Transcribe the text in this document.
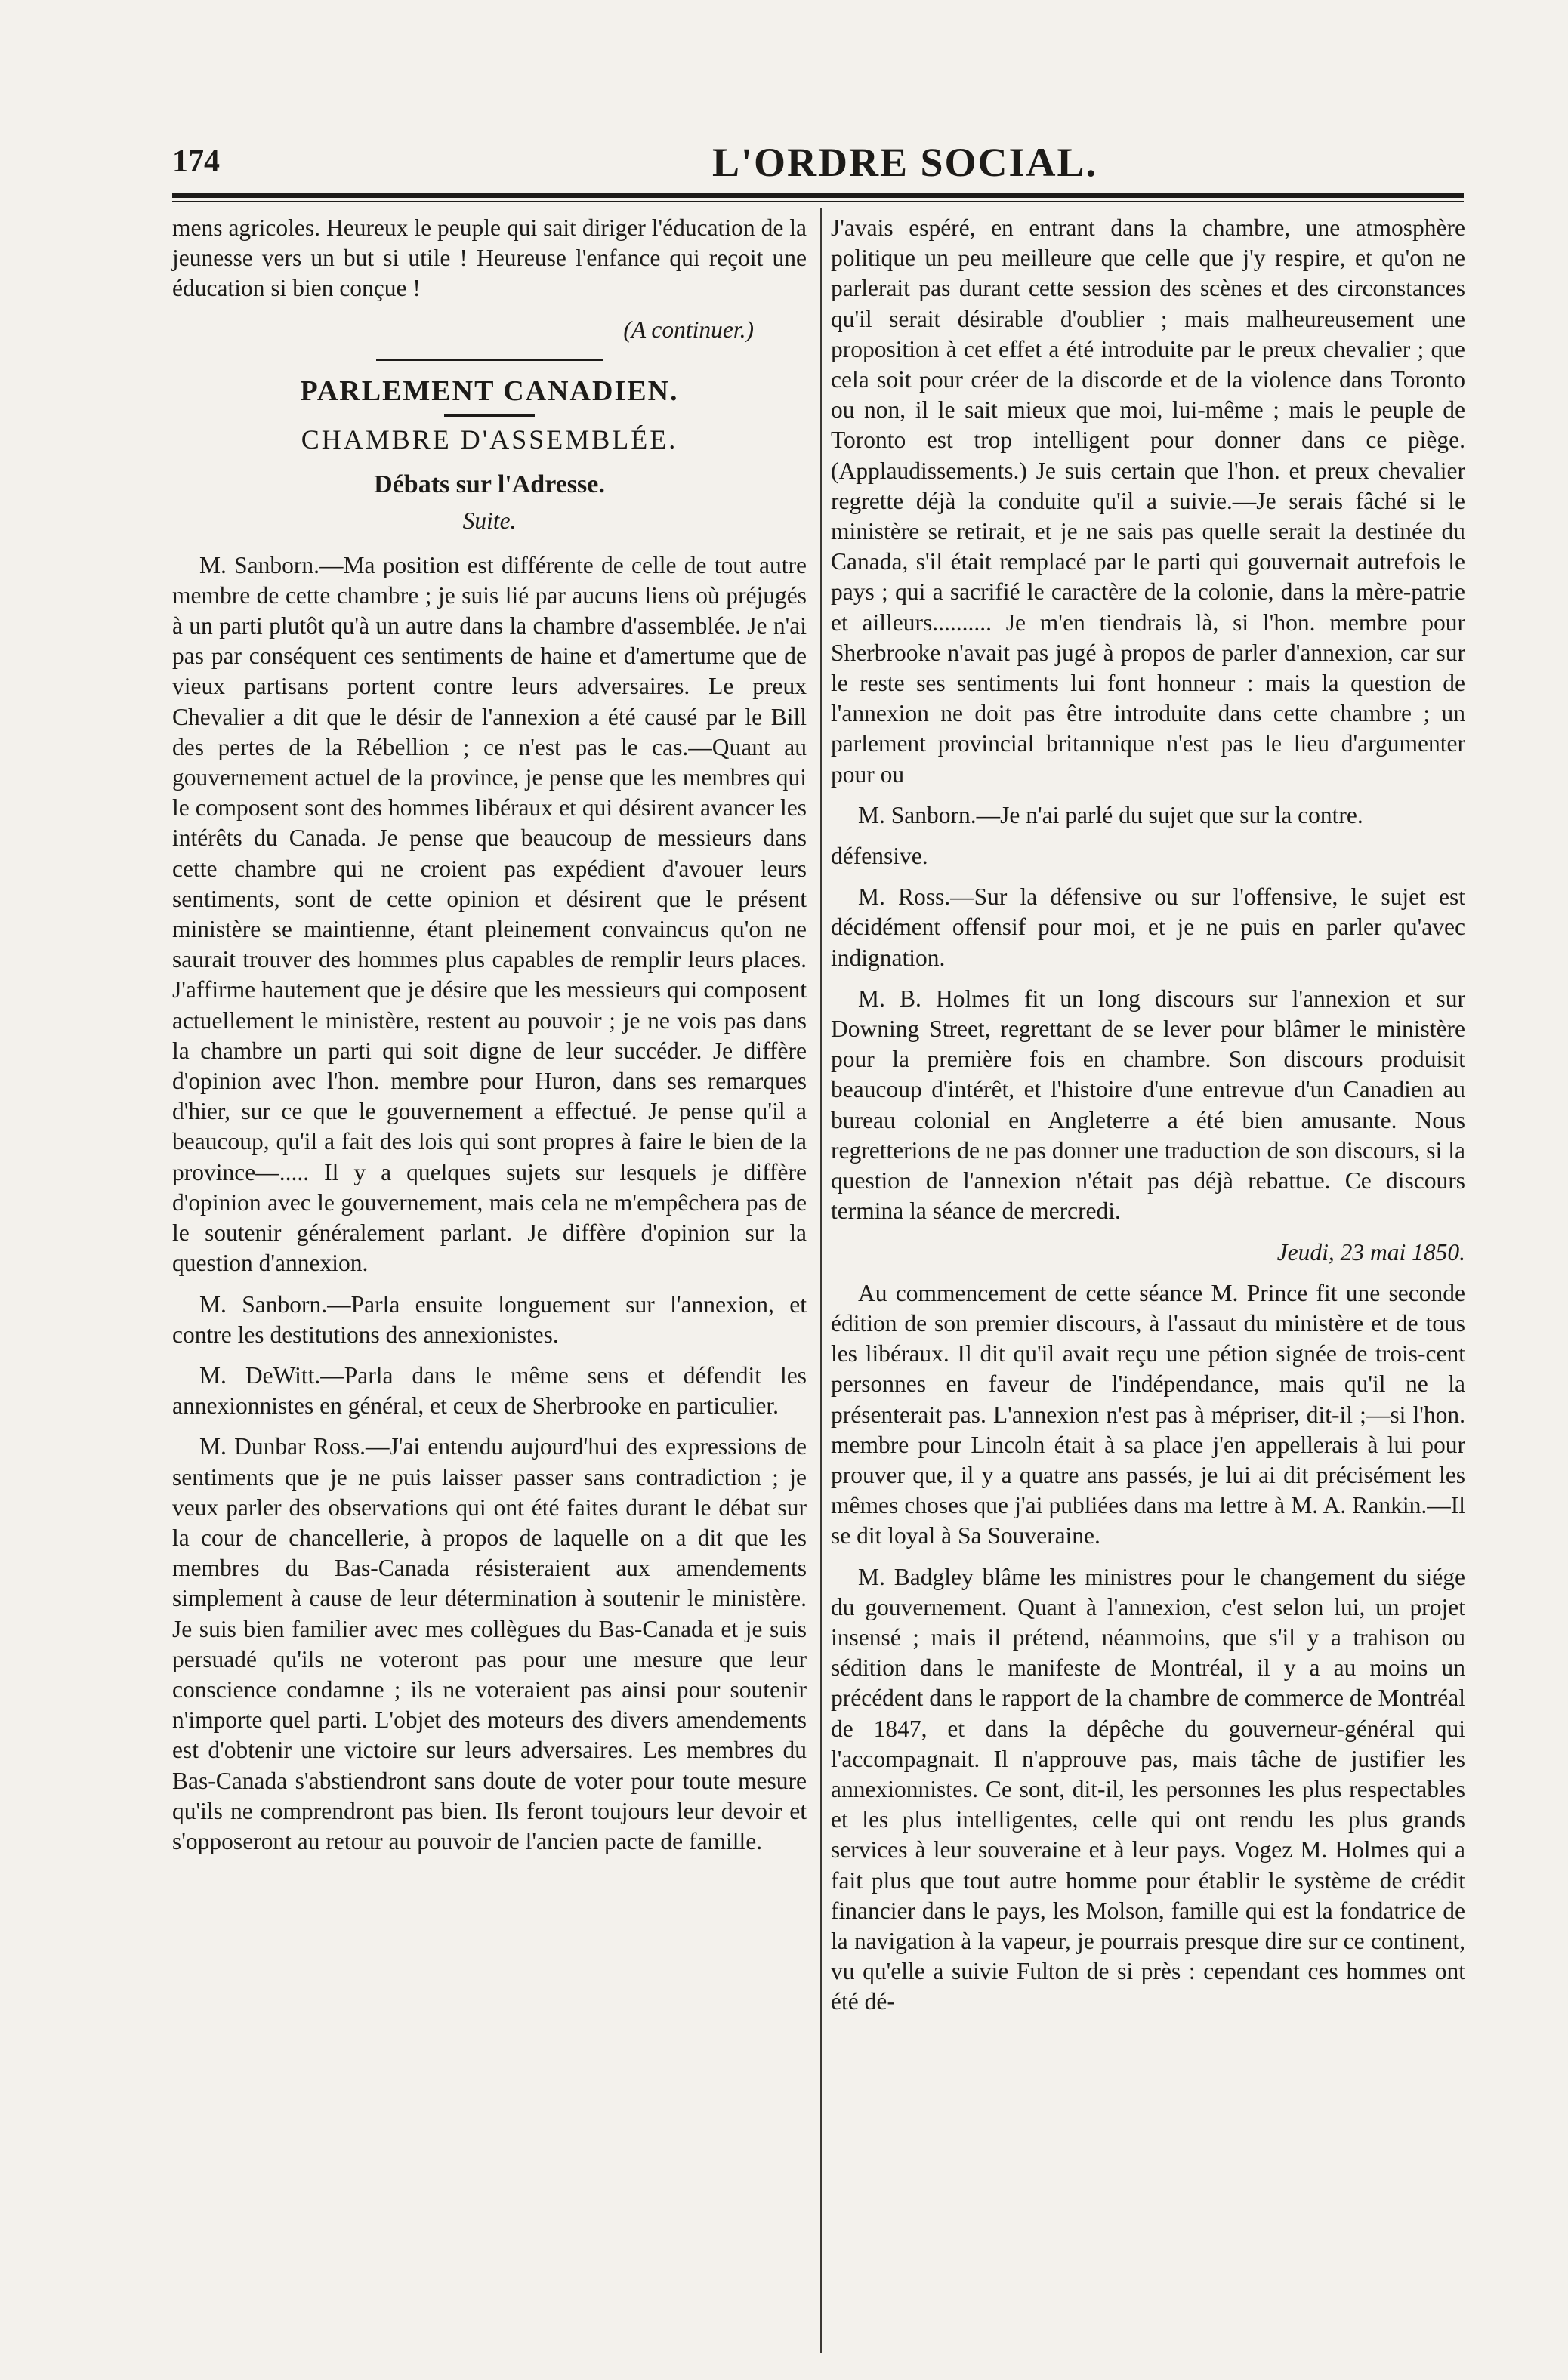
174	L'ORDRE SOCIAL.

mens agricoles. Heureux le peuple qui sait diriger l'éducation de la jeunesse vers un but si utile ! Heureuse l'enfance qui reçoit une éducation si bien conçue !

(A continuer.)

PARLEMENT CANADIEN.
CHAMBRE D'ASSEMBLÉE.
Débats sur l'Adresse.
Suite.

M. Sanborn.—Ma position est différente de celle de tout autre membre de cette chambre ; je suis lié par aucuns liens où préjugés à un parti plutôt qu'à un autre dans la chambre d'assemblée. Je n'ai pas par conséquent ces sentiments de haine et d'amertume que de vieux partisans portent contre leurs adversaires. Le preux Chevalier a dit que le désir de l'annexion a été causé par le Bill des pertes de la Rébellion ; ce n'est pas le cas.—Quant au gouvernement actuel de la province, je pense que les membres qui le composent sont des hommes libéraux et qui désirent avancer les intérêts du Canada. Je pense que beaucoup de messieurs dans cette chambre qui ne croient pas expédient d'avouer leurs sentiments, sont de cette opinion et désirent que le présent ministère se maintienne, étant pleinement convaincus qu'on ne saurait trouver des hommes plus capables de remplir leurs places. J'affirme hautement que je désire que les messieurs qui composent actuellement le ministère, restent au pouvoir ; je ne vois pas dans la chambre un parti qui soit digne de leur succéder. Je diffère d'opinion avec l'hon. membre pour Huron, dans ses remarques d'hier, sur ce que le gouvernement a effectué. Je pense qu'il a beaucoup, qu'il a fait des lois qui sont propres à faire le bien de la province—..... Il y a quelques sujets sur lesquels je diffère d'opinion avec le gouvernement, mais cela ne m'empêchera pas de le soutenir généralement parlant. Je diffère d'opinion sur la question d'annexion.

M. Sanborn.—Parla ensuite longuement sur l'annexion, et contre les destitutions des annexionistes.

M. DeWitt.—Parla dans le même sens et défendit les annexionnistes en général, et ceux de Sherbrooke en particulier.

M. Dunbar Ross.—J'ai entendu aujourd'hui des expressions de sentiments que je ne puis laisser passer sans contradiction ; je veux parler des observations qui ont été faites durant le débat sur la cour de chancellerie, à propos de laquelle on a dit que les membres du Bas-Canada résisteraient aux amendements simplement à cause de leur détermination à soutenir le ministère. Je suis bien familier avec mes collègues du Bas-Canada et je suis persuadé qu'ils ne voteront pas pour une mesure que leur conscience condamne ; ils ne voteraient pas ainsi pour soutenir n'importe quel parti. L'objet des moteurs des divers amendements est d'obtenir une victoire sur leurs adversaires. Les membres du Bas-Canada s'abstiendront sans doute de voter pour toute mesure qu'ils ne comprendront pas bien. Ils feront toujours leur devoir et s'opposeront au retour au pouvoir de l'ancien pacte de famille.

J'avais espéré, en entrant dans la chambre, une atmosphère politique un peu meilleure que celle que j'y respire, et qu'on ne parlerait pas durant cette session des scènes et des circonstances qu'il serait désirable d'oublier ; mais malheureusement une proposition à cet effet a été introduite par le preux chevalier ; que cela soit pour créer de la discorde et de la violence dans Toronto ou non, il le sait mieux que moi, lui-même ; mais le peuple de Toronto est trop intelligent pour donner dans ce piège. (Applaudissements.) Je suis certain que l'hon. et preux chevalier regrette déjà la conduite qu'il a suivie.—Je serais fâché si le ministère se retirait, et je ne sais pas quelle serait la destinée du Canada, s'il était remplacé par le parti qui gouvernait autrefois le pays ; qui a sacrifié le caractère de la colonie, dans la mère-patrie et ailleurs.......... Je m'en tiendrais là, si l'hon. membre pour Sherbrooke n'avait pas jugé à propos de parler d'annexion, car sur le reste ses sentiments lui font honneur : mais la question de l'annexion ne doit pas être introduite dans cette chambre ; un parlement provincial britannique n'est pas le lieu d'argumenter pour ou

M. Sanborn.—Je n'ai parlé du sujet que sur la contre.

défensive.

M. Ross.—Sur la défensive ou sur l'offensive, le sujet est décidément offensif pour moi, et je ne puis en parler qu'avec indignation.

M. B. Holmes fit un long discours sur l'annexion et sur Downing Street, regrettant de se lever pour blâmer le ministère pour la première fois en chambre. Son discours produisit beaucoup d'intérêt, et l'histoire d'une entrevue d'un Canadien au bureau colonial en Angleterre a été bien amusante. Nous regretterions de ne pas donner une traduction de son discours, si la question de l'annexion n'était pas déjà rebattue. Ce discours termina la séance de mercredi.

Jeudi, 23 mai 1850.

Au commencement de cette séance M. Prince fit une seconde édition de son premier discours, à l'assaut du ministère et de tous les libéraux. Il dit qu'il avait reçu une pétion signée de trois-cent personnes en faveur de l'indépendance, mais qu'il ne la présenterait pas. L'annexion n'est pas à mépriser, dit-il ;—si l'hon. membre pour Lincoln était à sa place j'en appellerais à lui pour prouver que, il y a quatre ans passés, je lui ai dit précisément les mêmes choses que j'ai publiées dans ma lettre à M. A. Rankin.—Il se dit loyal à Sa Souveraine.

M. Badgley blâme les ministres pour le changement du siége du gouvernement. Quant à l'annexion, c'est selon lui, un projet insensé ; mais il prétend, néanmoins, que s'il y a trahison ou sédition dans le manifeste de Montréal, il y a au moins un précédent dans le rapport de la chambre de commerce de Montréal de 1847, et dans la dépêche du gouverneur-général qui l'accompagnait. Il n'approuve pas, mais tâche de justifier les annexionnistes. Ce sont, dit-il, les personnes les plus respectables et les plus intelligentes, celle qui ont rendu les plus grands services à leur souveraine et à leur pays. Vogez M. Holmes qui a fait plus que tout autre homme pour établir le système de crédit financier dans le pays, les Molson, famille qui est la fondatrice de la navigation à la vapeur, je pourrais presque dire sur ce continent, vu qu'elle a suivie Fulton de si près : cependant ces hommes ont été dé-
